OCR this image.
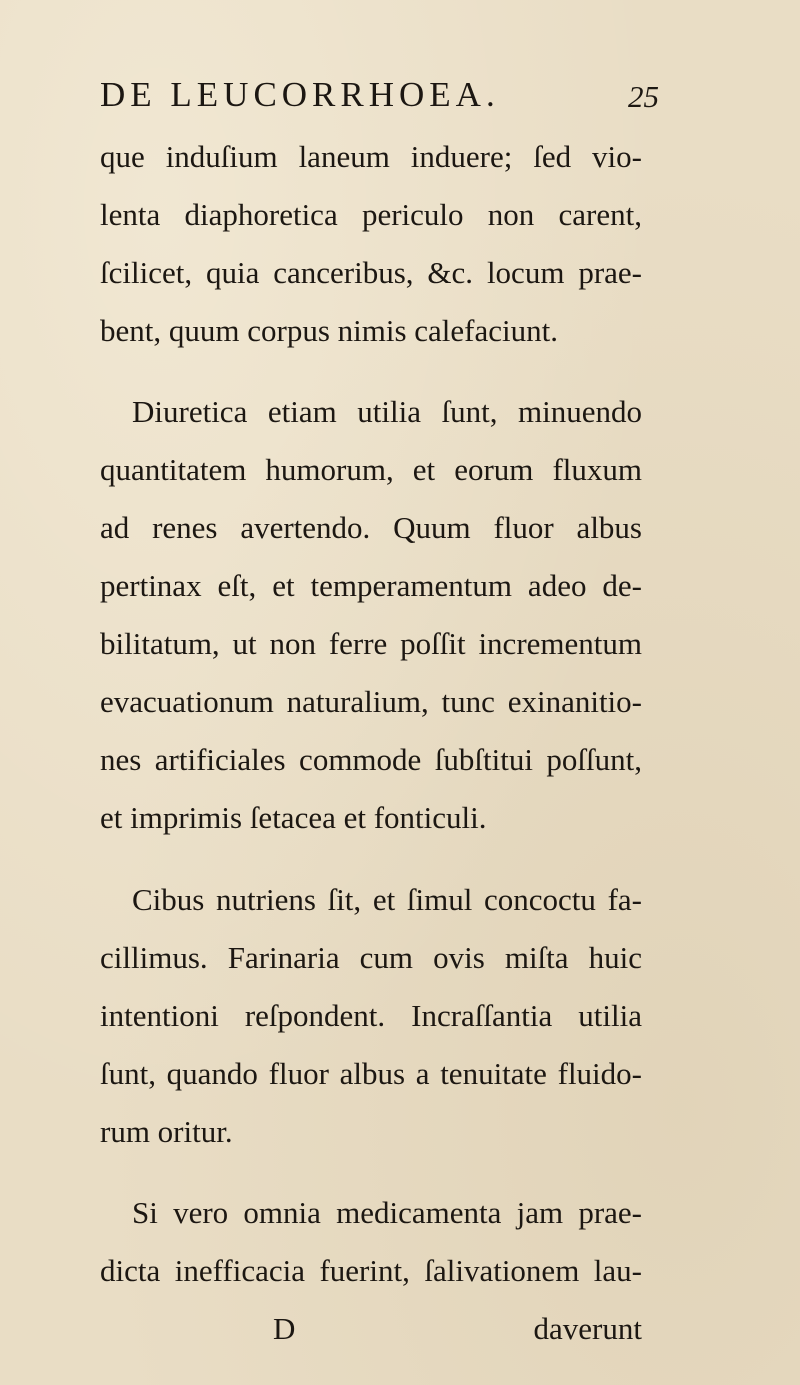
DE LEUCORRHOEA.	25
que induſium laneum induere; ſed vio-
lenta diaphoretica periculo non carent,
ſcilicet, quia canceribus, &c. locum prae-
bent, quum corpus nimis calefaciunt.
Diuretica etiam utilia ſunt, minuendo
quantitatem humorum, et eorum fluxum
ad renes avertendo. Quum fluor albus
pertinax eſt, et temperamentum adeo de-
bilitatum, ut non ferre poſſit incrementum
evacuationum naturalium, tunc exinanitio-
nes artificiales commode ſubſtitui poſſunt,
et imprimis ſetacea et fonticuli.
Cibus nutriens ſit, et ſimul concoctu fa-
cillimus. Farinaria cum ovis miſta huic
intentioni reſpondent. Incraſſantia utilia
ſunt, quando fluor albus a tenuitate fluido-
rum oritur.
Si vero omnia medicamenta jam prae-
dicta inefficacia fuerint, ſalivationem lau-
D	daverunt
